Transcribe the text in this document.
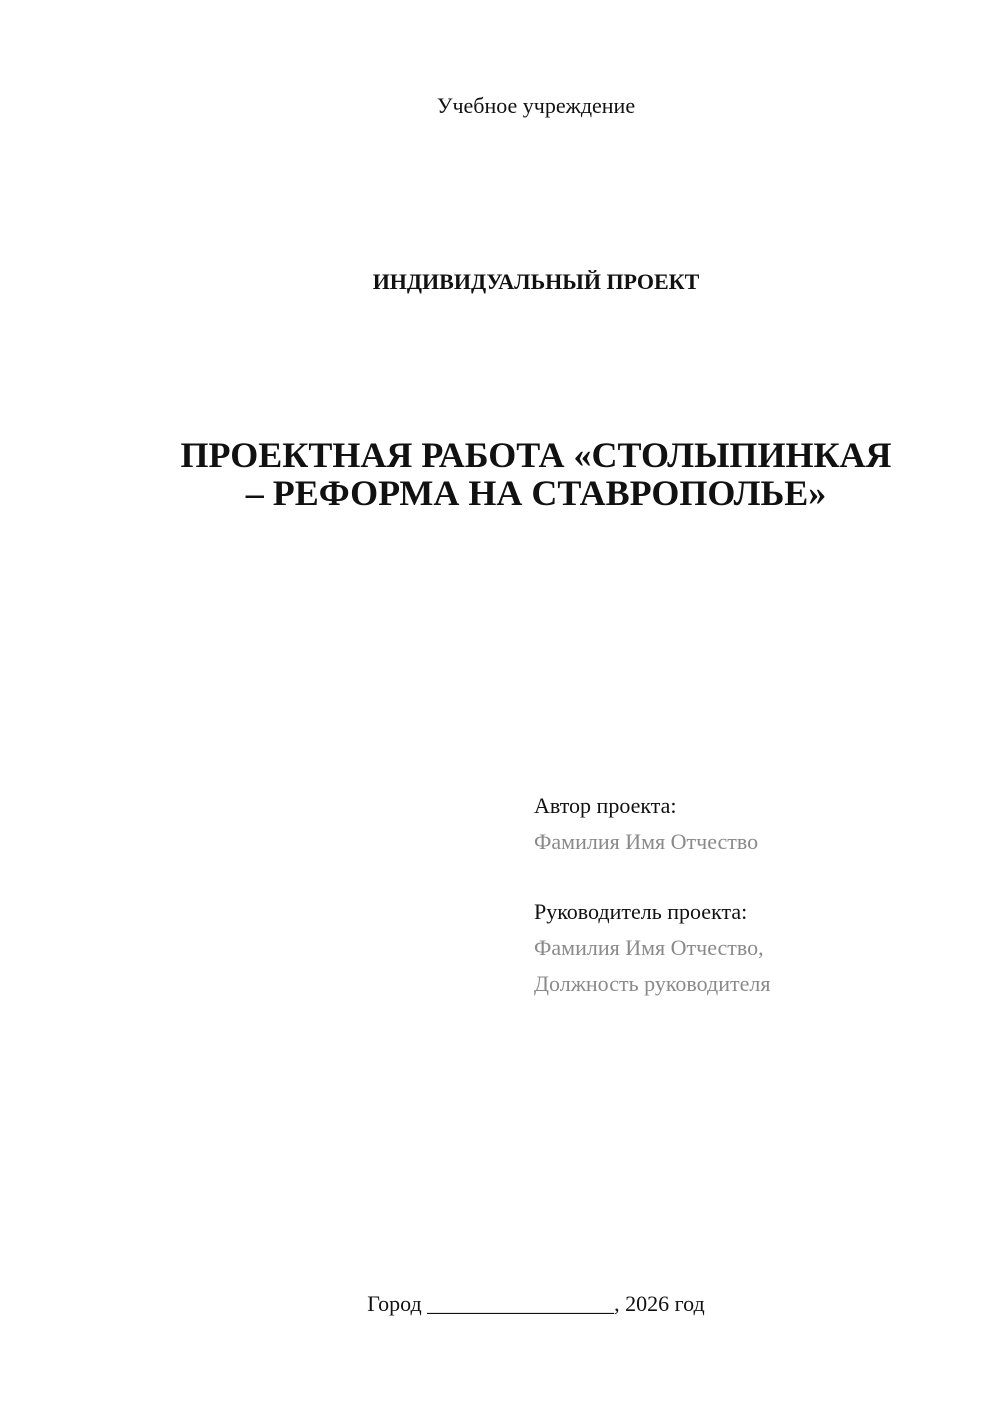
Учебное учреждение
ИНДИВИДУАЛЬНЫЙ ПРОЕКТ
ПРОЕКТНАЯ РАБОТА «СТОЛЫПИНКАЯ
– РЕФОРМА НА СТАВРОПОЛЬЕ»
Автор проекта:
Фамилия Имя Отчество
Руководитель проекта:
Фамилия Имя Отчество,
Должность руководителя
Город _________________, 2026 год
